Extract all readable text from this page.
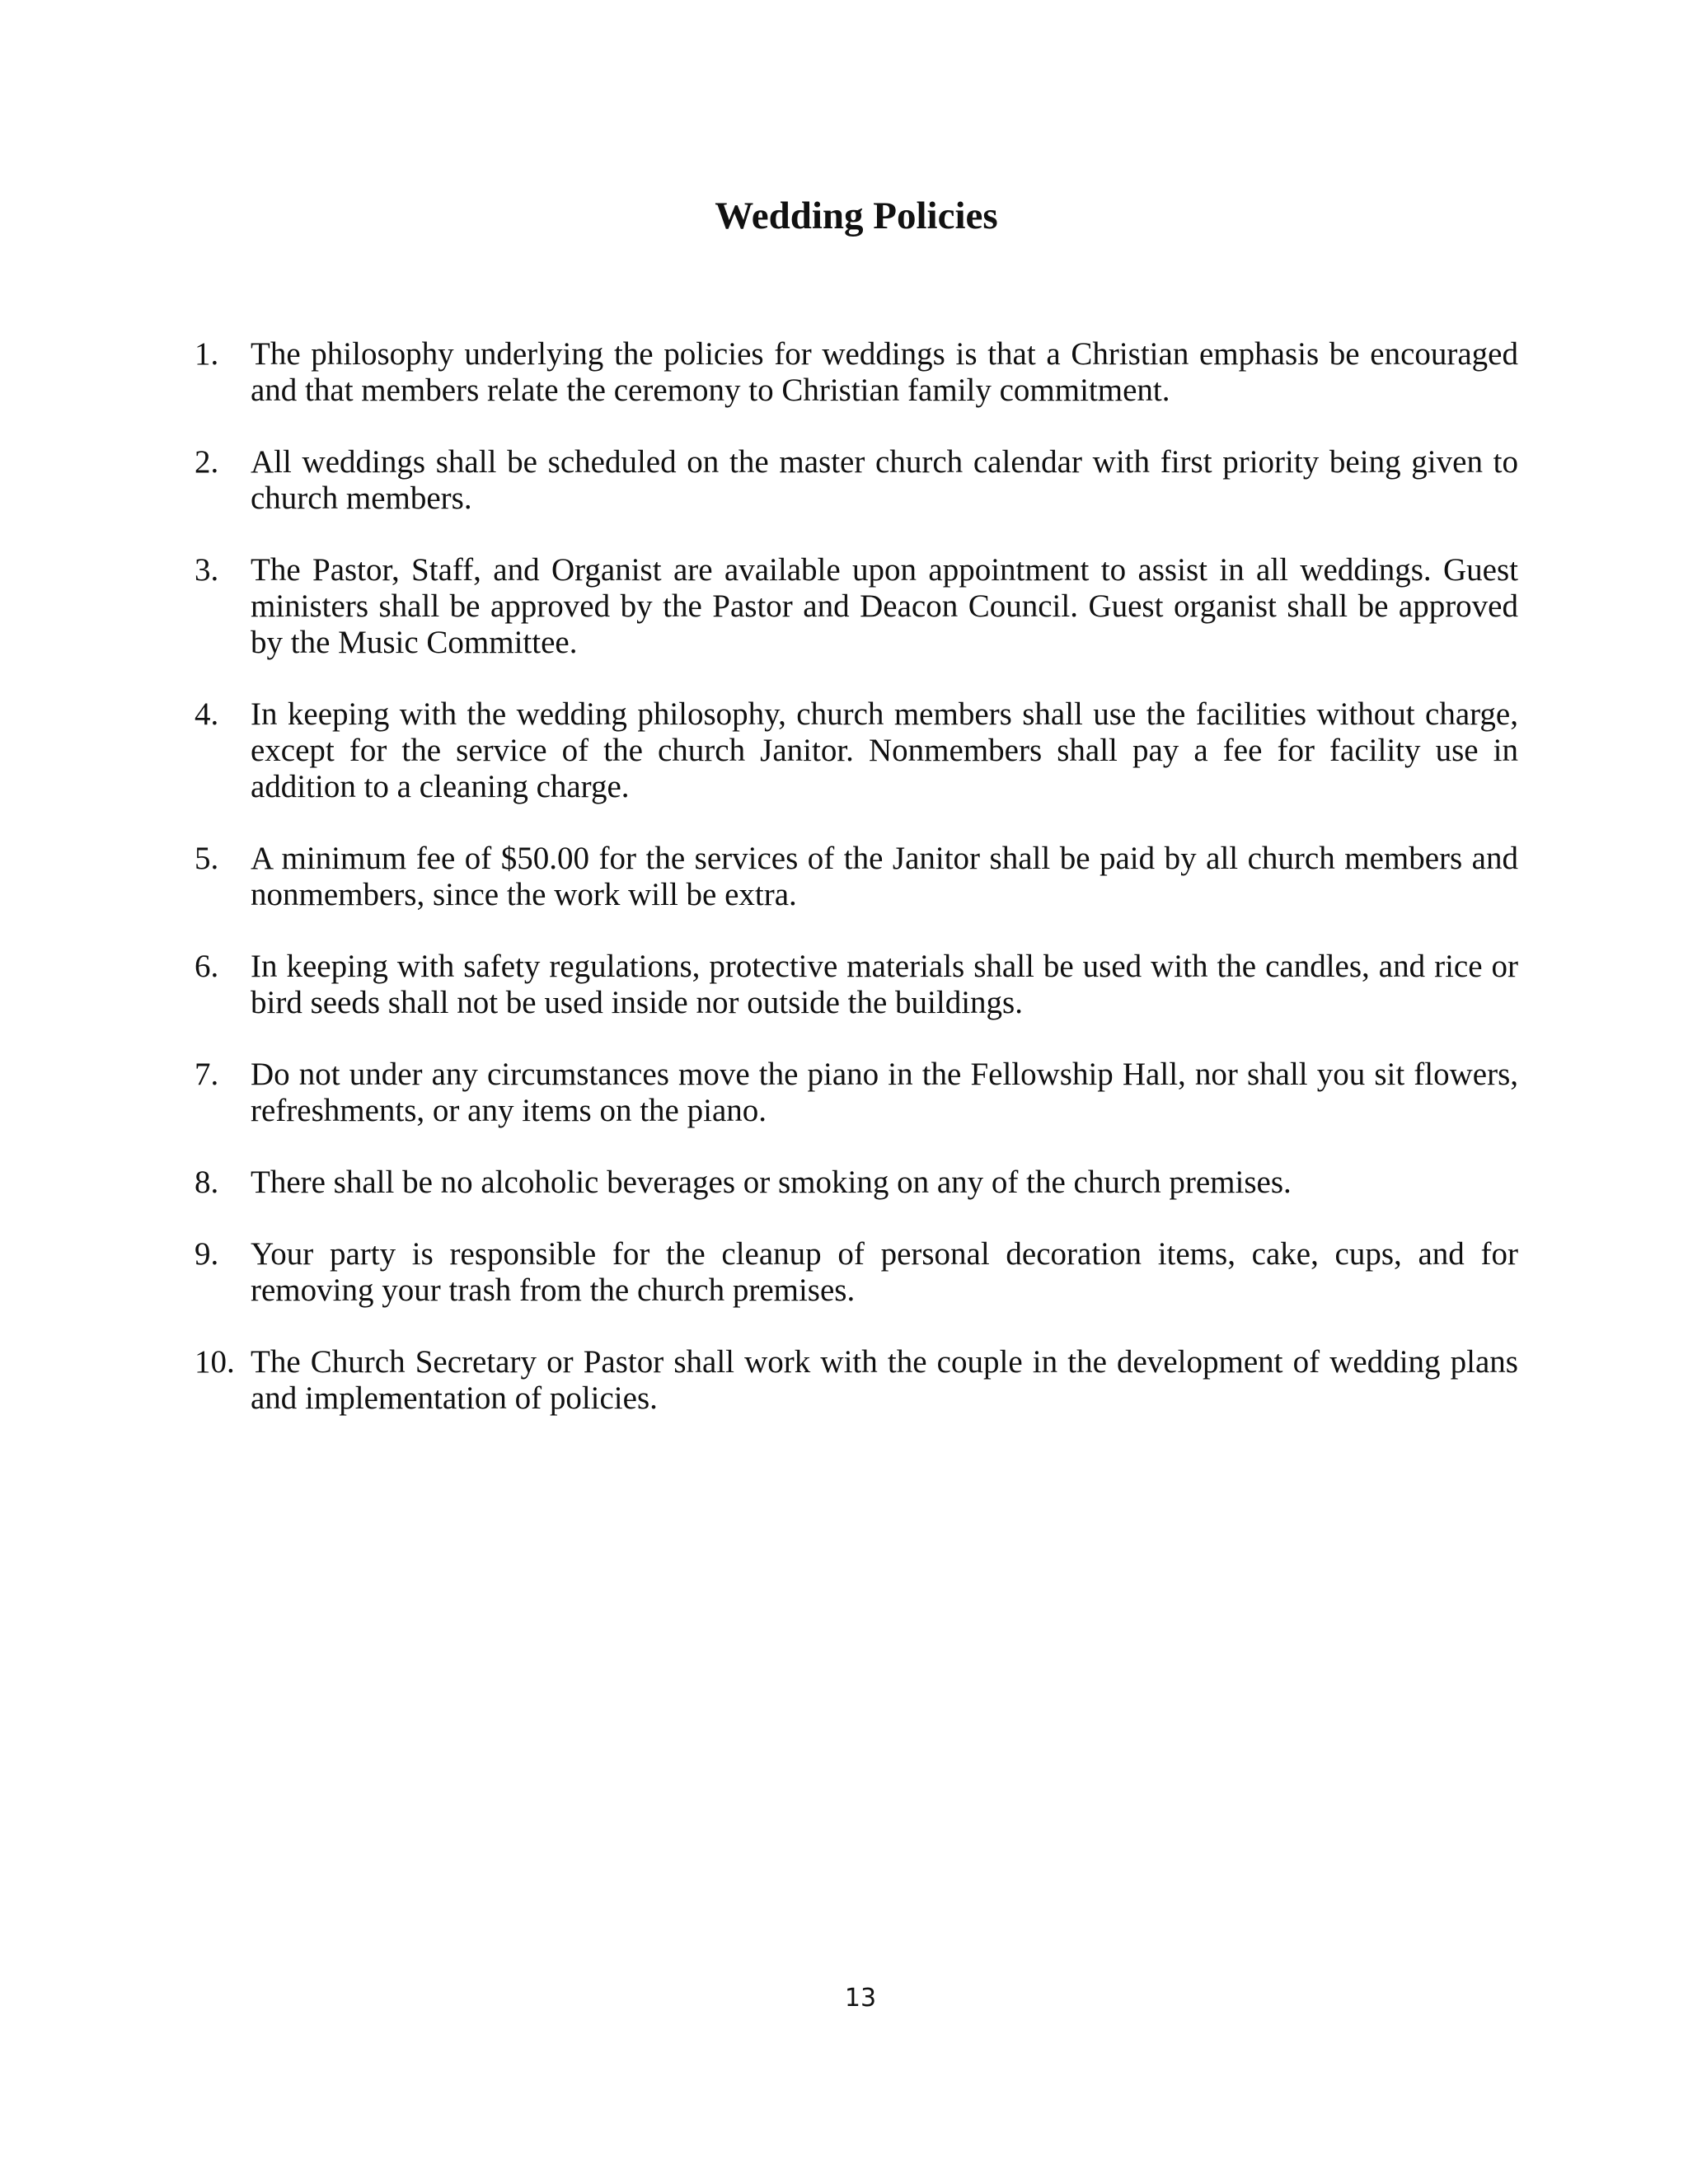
Wedding Policies
1. The philosophy underlying the policies for weddings is that a Christian emphasis be encouraged and that members relate the ceremony to Christian family commitment.
2. All weddings shall be scheduled on the master church calendar with first priority being given to church members.
3. The Pastor, Staff, and Organist are available upon appointment to assist in all weddings. Guest ministers shall be approved by the Pastor and Deacon Council. Guest organist shall be approved by the Music Committee.
4. In keeping with the wedding philosophy, church members shall use the facilities without charge, except for the service of the church Janitor. Nonmembers shall pay a fee for facility use in addition to a cleaning charge.
5. A minimum fee of $50.00 for the services of the Janitor shall be paid by all church members and nonmembers, since the work will be extra.
6. In keeping with safety regulations, protective materials shall be used with the candles, and rice or bird seeds shall not be used inside nor outside the buildings.
7. Do not under any circumstances move the piano in the Fellowship Hall, nor shall you sit flowers, refreshments, or any items on the piano.
8. There shall be no alcoholic beverages or smoking on any of the church premises.
9. Your party is responsible for the cleanup of personal decoration items, cake, cups, and for removing your trash from the church premises.
10. The Church Secretary or Pastor shall work with the couple in the development of wedding plans and implementation of policies.
13
